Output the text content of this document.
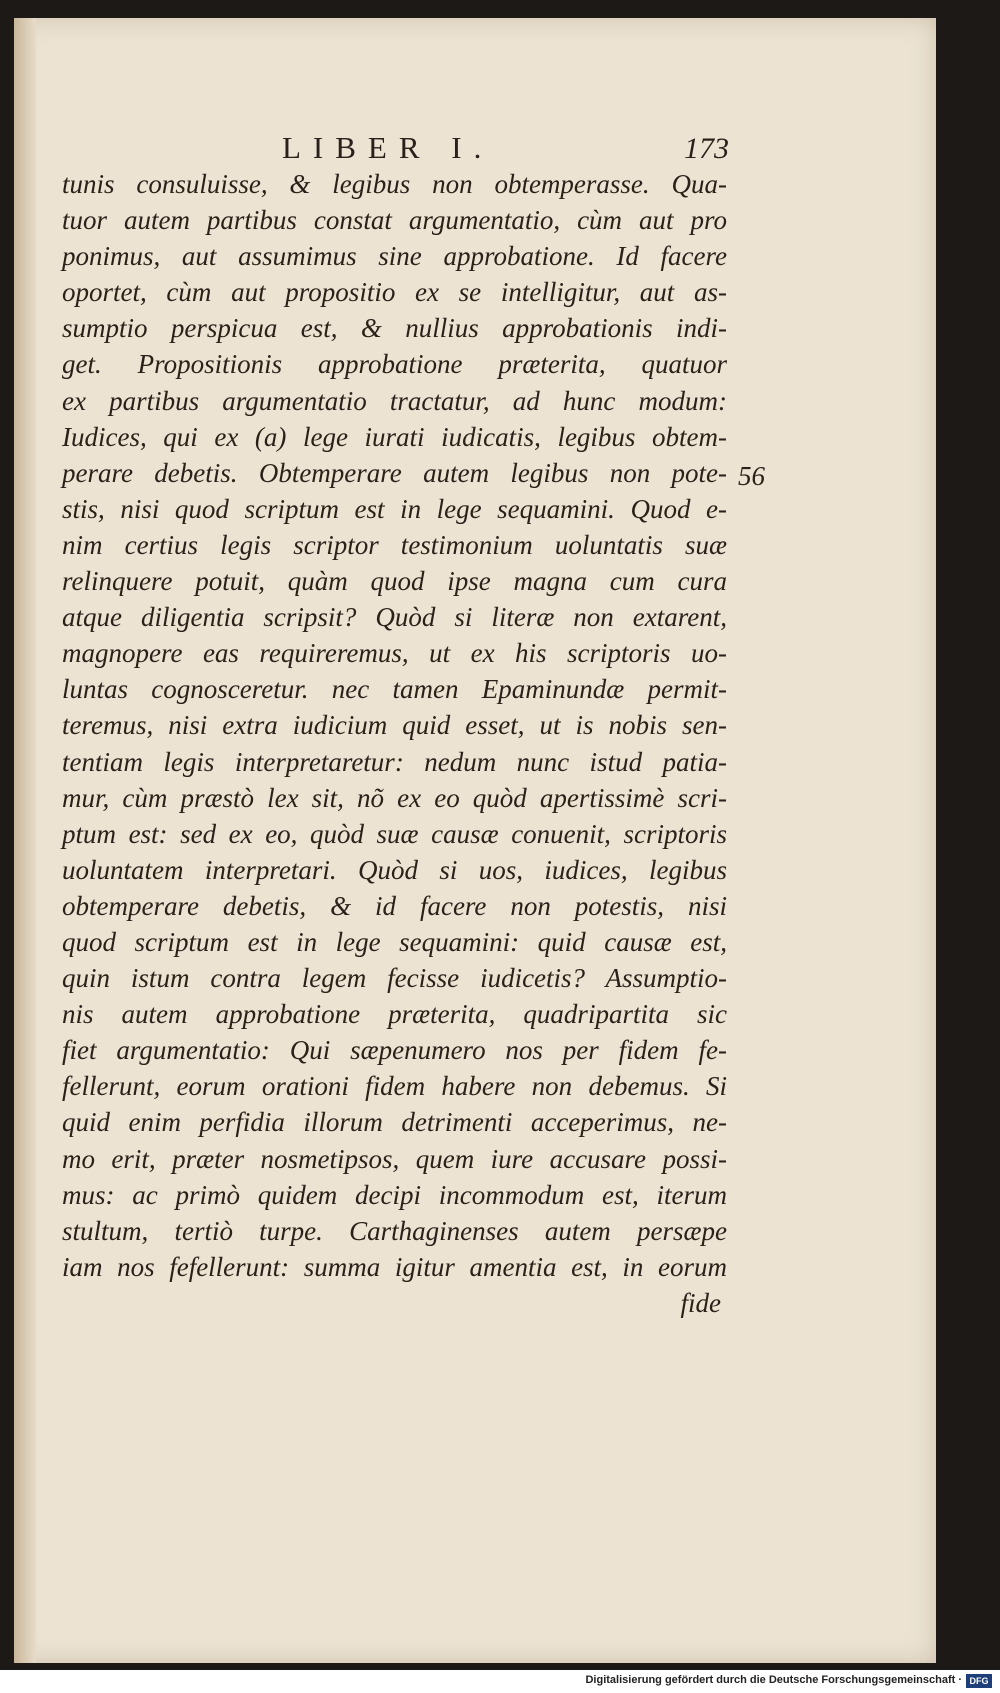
LIBER I.	173
56
tunis consuluisse, & legibus non obtemperasse. Qua-
tuor autem partibus constat argumentatio, cùm aut pro
ponimus, aut assumimus sine approbatione. Id facere
oportet, cùm aut propositio ex se intelligitur, aut as-
sumptio perspicua est, & nullius approbationis indi-
get. Propositionis approbatione præterita, quatuor
ex partibus argumentatio tractatur, ad hunc modum:
Iudices, qui ex (a) lege iurati iudicatis, legibus obtem-
perare debetis. Obtemperare autem legibus non pote-
stis, nisi quod scriptum est in lege sequamini. Quod e-
nim certius legis scriptor testimonium uoluntatis suæ
relinquere potuit, quàm quod ipse magna cum cura
atque diligentia scripsit? Quòd si literæ non extarent,
magnopere eas requireremus, ut ex his scriptoris uo-
luntas cognosceretur. nec tamen Epaminundæ permit-
teremus, nisi extra iudicium quid esset, ut is nobis sen-
tentiam legis interpretaretur: nedum nunc istud patia-
mur, cùm præstò lex sit, nõ ex eo quòd apertissimè scri-
ptum est: sed ex eo, quòd suæ causæ conuenit, scriptoris
uoluntatem interpretari. Quòd si uos, iudices, legibus
obtemperare debetis, & id facere non potestis, nisi
quod scriptum est in lege sequamini: quid causæ est,
quin istum contra legem fecisse iudicetis? Assumptio-
nis autem approbatione præterita, quadripartita sic
fiet argumentatio: Qui sæpenumero nos per fidem fe-
fellerunt, eorum orationi fidem habere non debemus. Si
quid enim perfidia illorum detrimenti acceperimus, ne-
mo erit, præter nosmetipsos, quem iure accusare possi-
mus: ac primò quidem decipi incommodum est, iterum
stultum, tertiò turpe. Carthaginenses autem persæpe
iam nos fefellerunt: summa igitur amentia est, in eorum
fide
Digitalisierung gefördert durch die Deutsche Forschungsgemeinschaft · DFG
